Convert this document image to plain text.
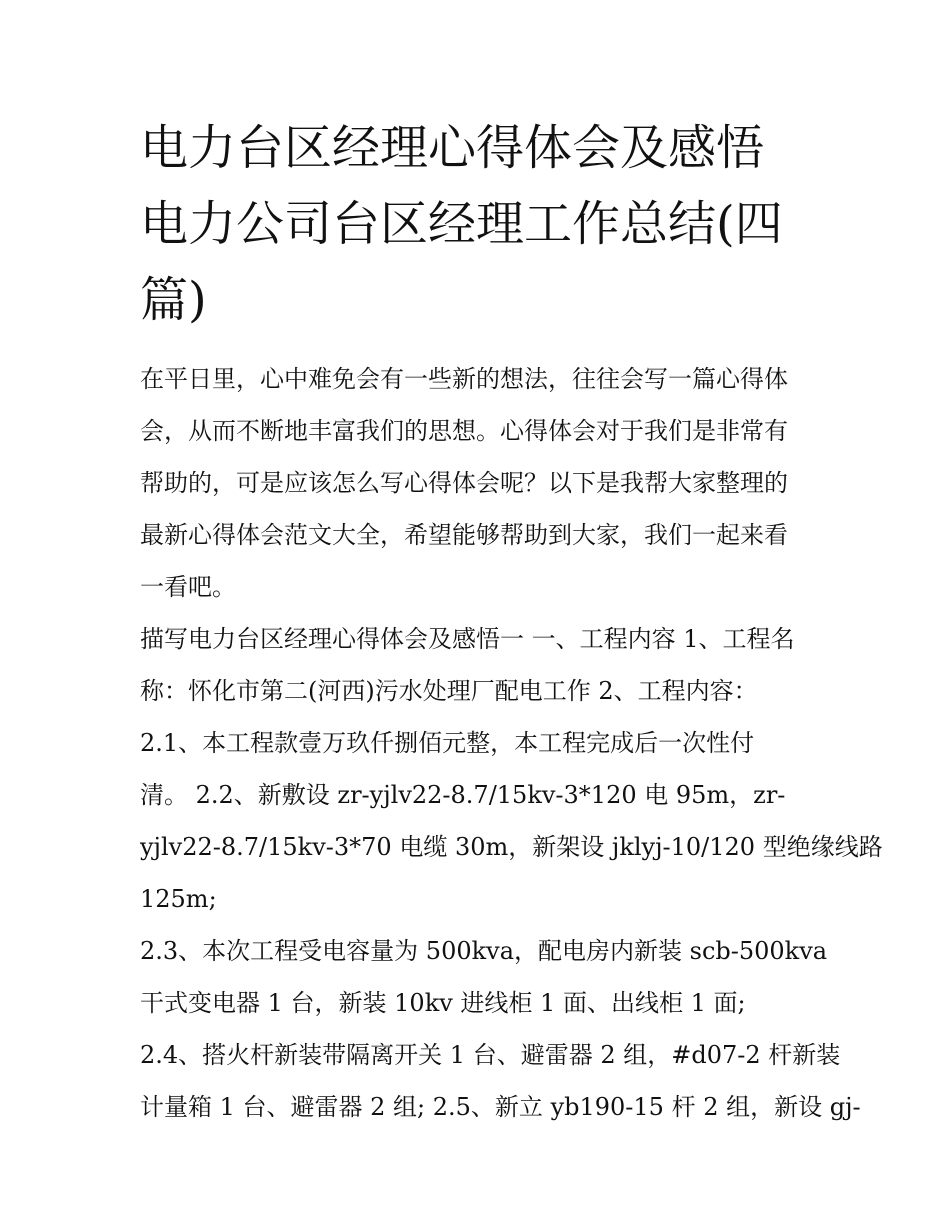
电力台区经理心得体会及感悟
电力公司台区经理工作总结(四
篇)
在平日里，心中难免会有一些新的想法，往往会写一篇心得体
会，从而不断地丰富我们的思想。心得体会对于我们是非常有
帮助的，可是应该怎么写心得体会呢？以下是我帮大家整理的
最新心得体会范文大全，希望能够帮助到大家，我们一起来看
一看吧。
描写电力台区经理心得体会及感悟一 一、工程内容 1、工程名
称：怀化市第二(河西)污水处理厂配电工作 2、工程内容：
2.1、本工程款壹万玖仟捌佰元整，本工程完成后一次性付
清。 2.2、新敷设 zr-yjlv22-8.7/15kv-3*120 电 95m，zr-
yjlv22-8.7/15kv-3*70 电缆 30m，新架设 jklyj-10/120 型绝缘线路
125m;
2.3、本次工程受电容量为 500kva，配电房内新装 scb-500kva
干式变电器 1 台，新装 10kv 进线柜 1 面、出线柜 1 面;
2.4、搭火杆新装带隔离开关 1 台、避雷器 2 组，#d07-2 杆新装
计量箱 1 台、避雷器 2 组; 2.5、新立 yb190-15 杆 2 组，新设 gj-
